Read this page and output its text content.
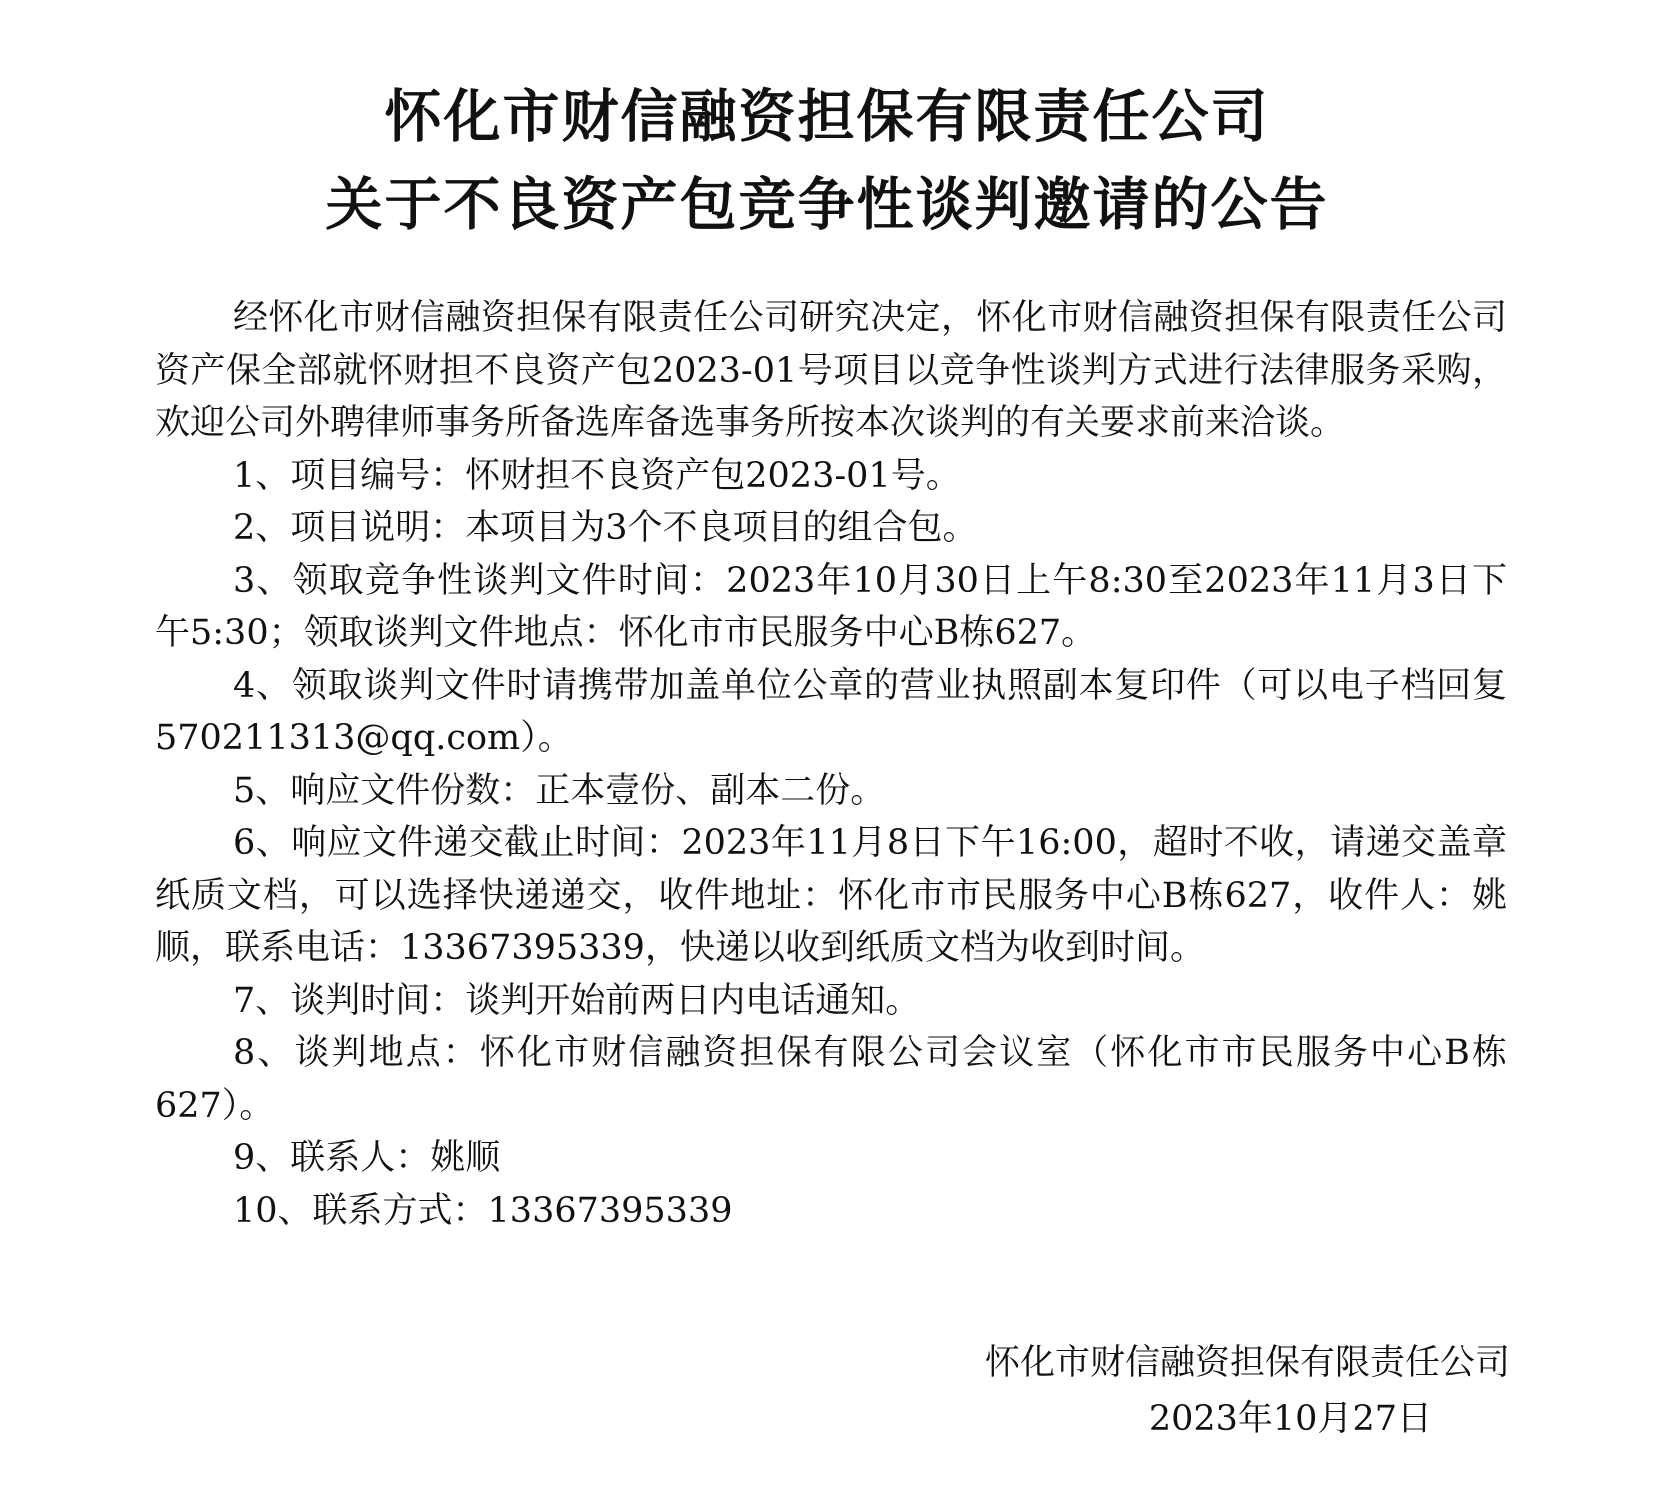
怀化市财信融资担保有限责任公司
关于不良资产包竞争性谈判邀请的公告

经怀化市财信融资担保有限责任公司研究决定，怀化市财信融资担保有限责任公司资产保全部就怀财担不良资产包2023-01号项目以竞争性谈判方式进行法律服务采购，欢迎公司外聘律师事务所备选库备选事务所按本次谈判的有关要求前来洽谈。

1、项目编号：怀财担不良资产包2023-01号。

2、项目说明：本项目为3个不良项目的组合包。

3、领取竞争性谈判文件时间：2023年10月30日上午8:30至2023年11月3日下午5:30；领取谈判文件地点：怀化市市民服务中心B栋627。

4、领取谈判文件时请携带加盖单位公章的营业执照副本复印件（可以电子档回复570211313@qq.com）。

5、响应文件份数：正本壹份、副本二份。

6、响应文件递交截止时间：2023年11月8日下午16:00，超时不收，请递交盖章纸质文档，可以选择快递递交，收件地址：怀化市市民服务中心B栋627，收件人：姚顺，联系电话：13367395339，快递以收到纸质文档为收到时间。

7、谈判时间：谈判开始前两日内电话通知。

8、谈判地点：怀化市财信融资担保有限公司会议室（怀化市市民服务中心B栋627）。

9、联系人：姚顺

10、联系方式：13367395339

怀化市财信融资担保有限责任公司
2023年10月27日
